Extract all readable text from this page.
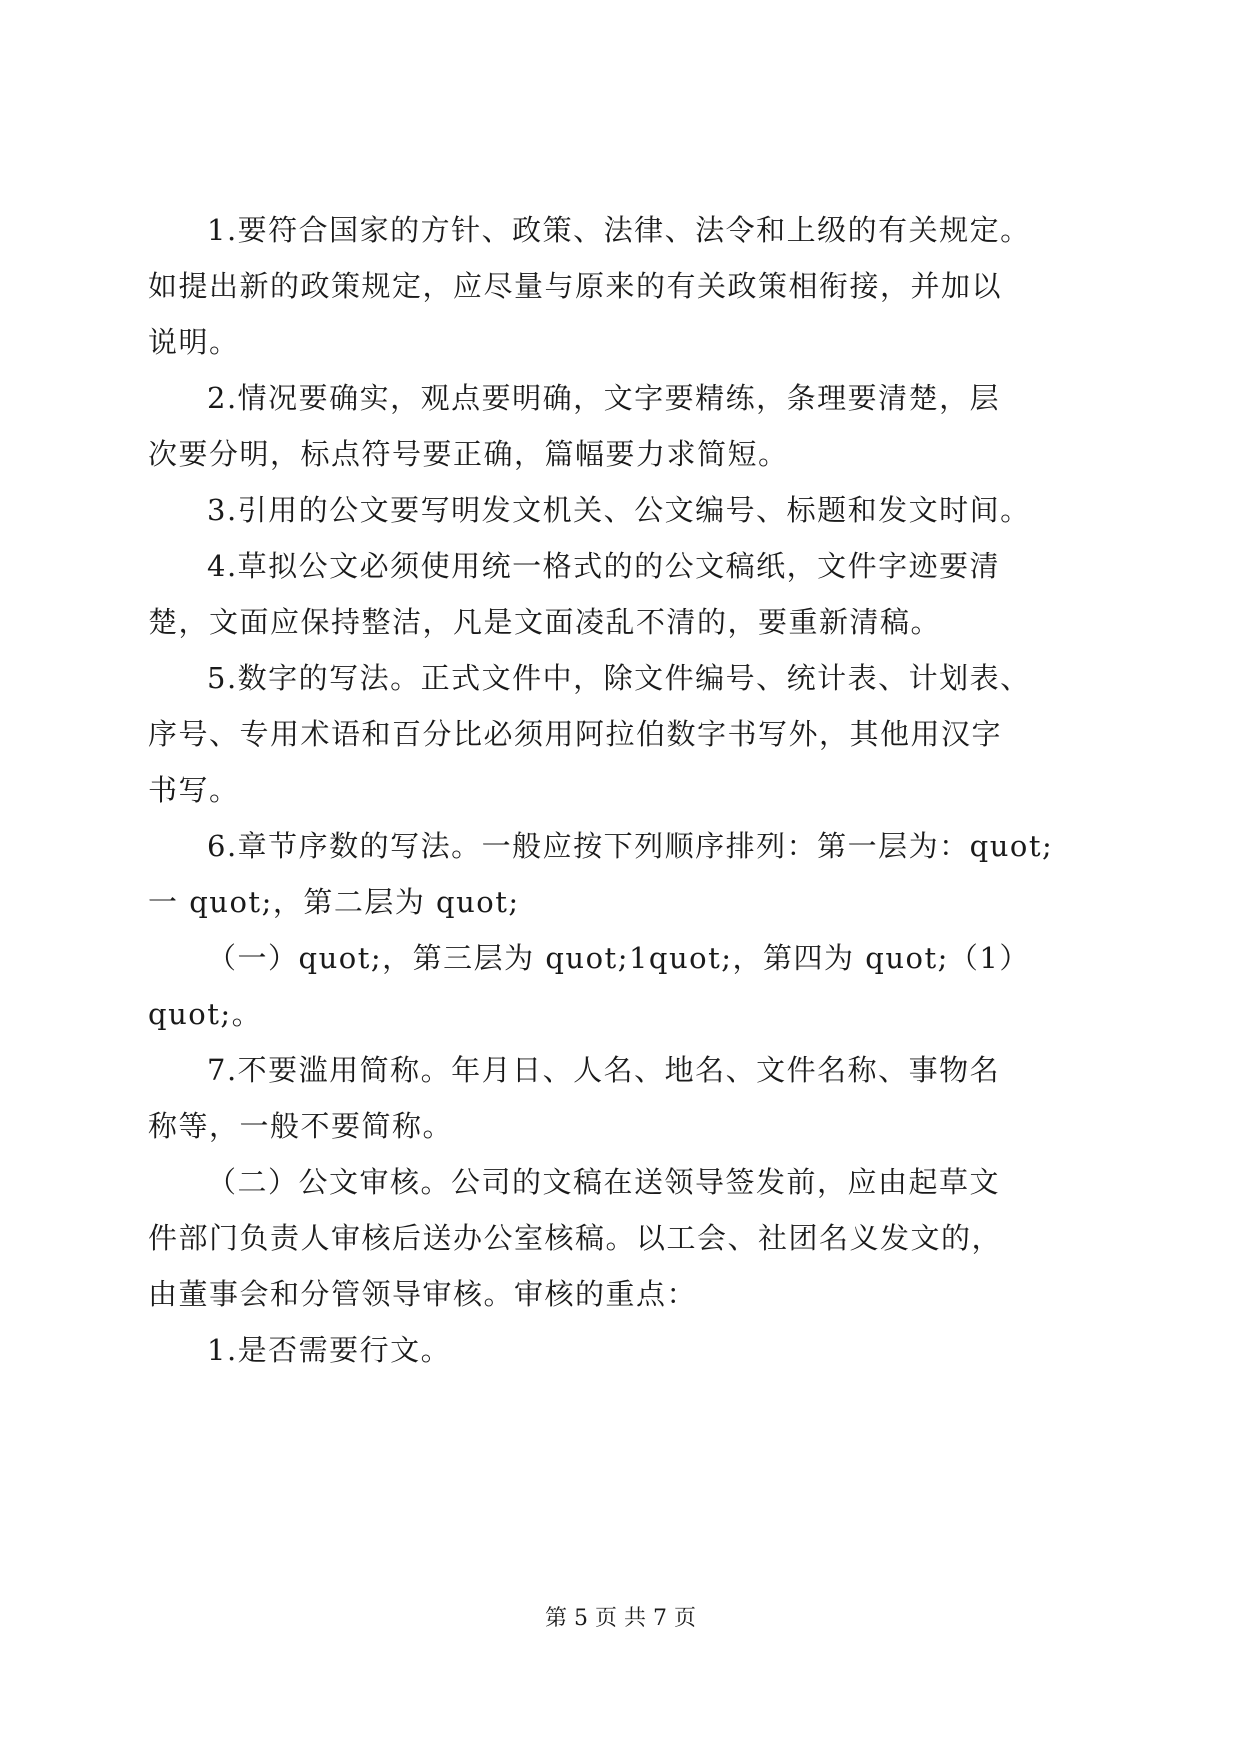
1.要符合国家的方针、政策、法律、法令和上级的有关规定。
如提出新的政策规定，应尽量与原来的有关政策相衔接，并加以
说明。
2.情况要确实，观点要明确，文字要精练，条理要清楚，层
次要分明，标点符号要正确，篇幅要力求简短。
3.引用的公文要写明发文机关、公文编号、标题和发文时间。
4.草拟公文必须使用统一格式的的公文稿纸，文件字迹要清
楚，文面应保持整洁，凡是文面凌乱不清的，要重新清稿。
5.数字的写法。正式文件中，除文件编号、统计表、计划表、
序号、专用术语和百分比必须用阿拉伯数字书写外，其他用汉字
书写。
6.章节序数的写法。一般应按下列顺序排列：第一层为：quot;
一 quot;，第二层为 quot;
（一）quot;，第三层为 quot;1quot;，第四为 quot;（1）
quot;。
7.不要滥用简称。年月日、人名、地名、文件名称、事物名
称等，一般不要简称。
（二）公文审核。公司的文稿在送领导签发前，应由起草文
件部门负责人审核后送办公室核稿。以工会、社团名义发文的，
由董事会和分管领导审核。审核的重点：
1.是否需要行文。
第 5 页 共 7 页
